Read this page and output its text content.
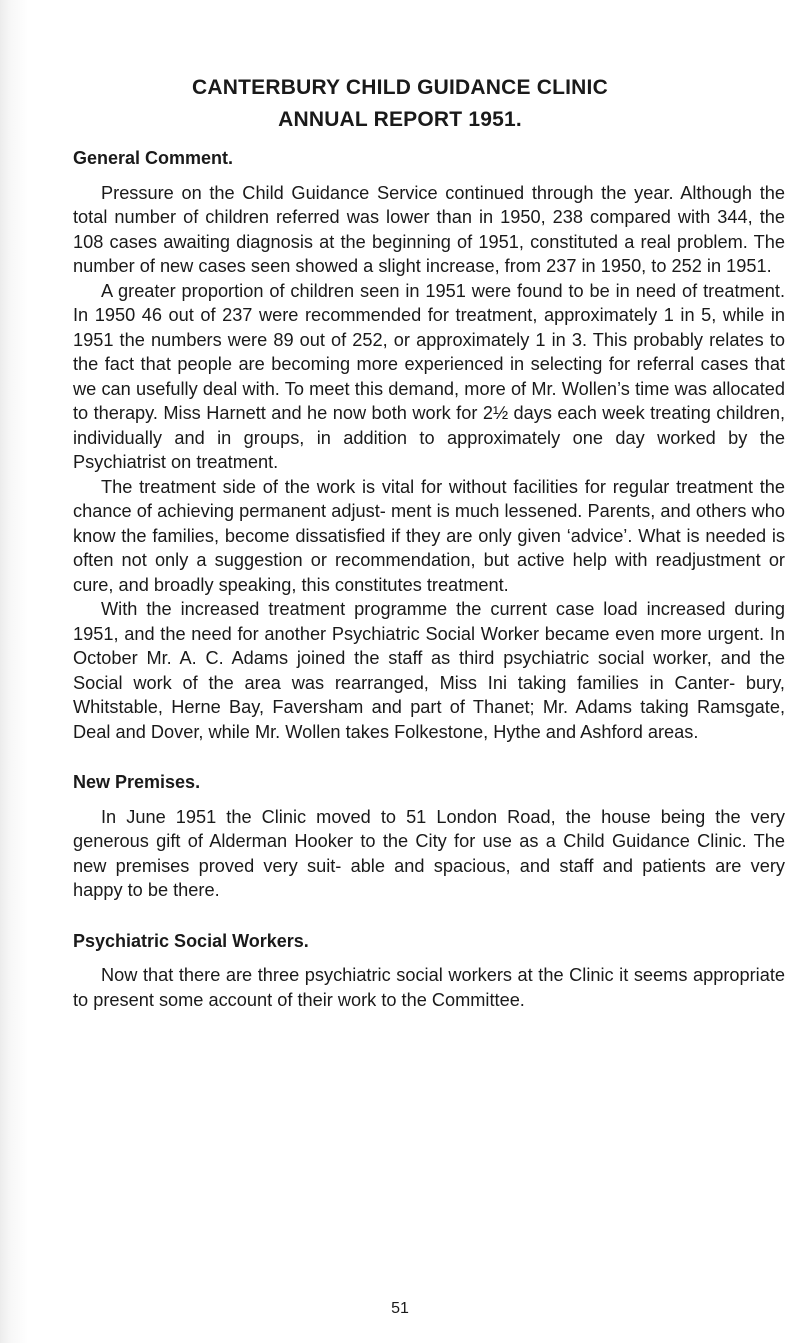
CANTERBURY CHILD GUIDANCE CLINIC
ANNUAL REPORT 1951.
General Comment.

Pressure on the Child Guidance Service continued through the year. Although the total number of children referred was lower than in 1950, 238 compared with 344, the 108 cases awaiting diagnosis at the beginning of 1951, constituted a real problem. The number of new cases seen showed a slight increase, from 237 in 1950, to 252 in 1951.

A greater proportion of children seen in 1951 were found to be in need of treatment. In 1950 46 out of 237 were recommended for treatment, approximately 1 in 5, while in 1951 the numbers were 89 out of 252, or approximately 1 in 3. This probably relates to the fact that people are becoming more experienced in selecting for referral cases that we can usefully deal with. To meet this demand, more of Mr. Wollen’s time was allocated to therapy. Miss Harnett and he now both work for 2½ days each week treating children, individually and in groups, in addition to approximately one day worked by the Psychiatrist on treatment.

The treatment side of the work is vital for without facilities for regular treatment the chance of achieving permanent adjust- ment is much lessened. Parents, and others who know the families, become dissatisfied if they are only given ‘advice’. What is needed is often not only a suggestion or recommendation, but active help with readjustment or cure, and broadly speaking, this constitutes treatment.

With the increased treatment programme the current case load increased during 1951, and the need for another Psychiatric Social Worker became even more urgent. In October Mr. A. C. Adams joined the staff as third psychiatric social worker, and the Social work of the area was rearranged, Miss Ini taking families in Canter- bury, Whitstable, Herne Bay, Faversham and part of Thanet; Mr. Adams taking Ramsgate, Deal and Dover, while Mr. Wollen takes Folkestone, Hythe and Ashford areas.

New Premises.

In June 1951 the Clinic moved to 51 London Road, the house being the very generous gift of Alderman Hooker to the City for use as a Child Guidance Clinic. The new premises proved very suit- able and spacious, and staff and patients are very happy to be there.

Psychiatric Social Workers.

Now that there are three psychiatric social workers at the Clinic it seems appropriate to present some account of their work to the Committee.

51
